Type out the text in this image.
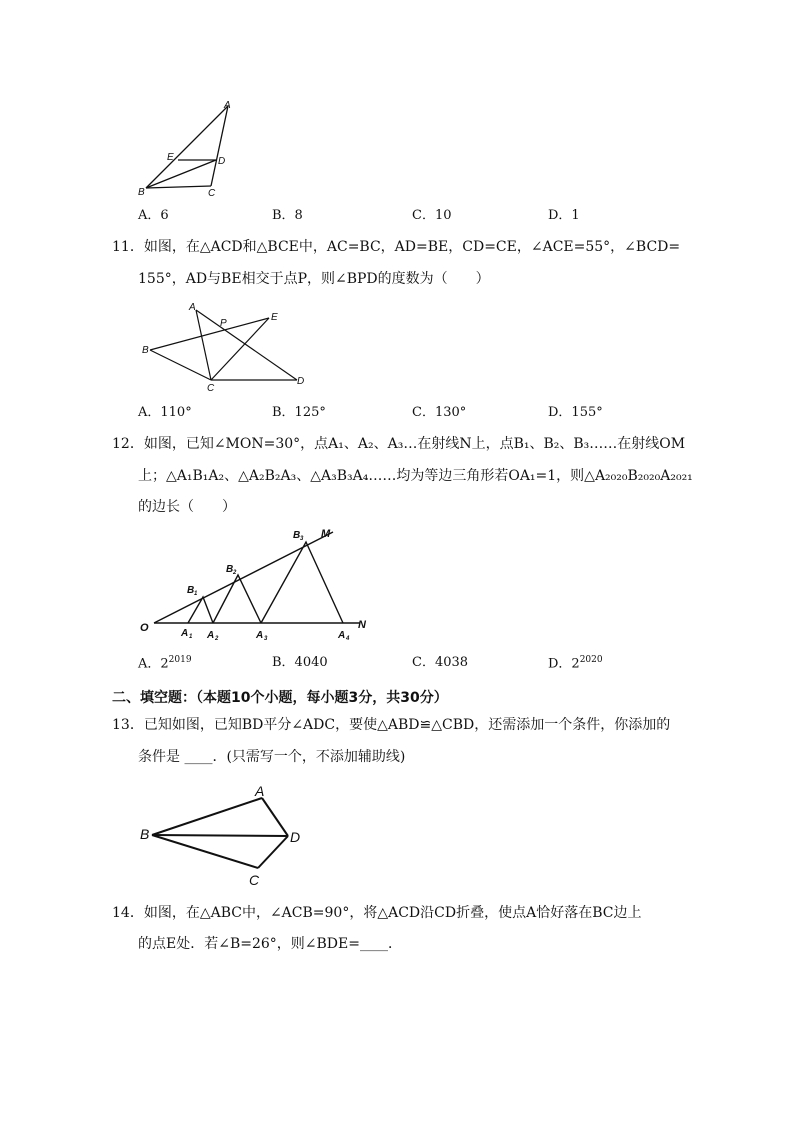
A
E	D
B	C
A．6	B．8	C．10	D．1
11．如图，在△ACD和△BCE中，AC=BC，AD=BE，CD=CE，∠ACE=55°，∠BCD=
155°，AD与BE相交于点P，则∠BPD的度数为（　　）
A
P
E
B
C
D
A．110°	B．125°	C．130°	D．155°
12．如图，已知∠MON=30°，点A₁、A₂、A₃…在射线N上，点B₁、B₂、B₃……在射线OM
上；△A₁B₁A₂、△A₂B₂A₃、△A₃B₃A₄……均为等边三角形若OA₁=1，则△A₂₀₂₀B₂₀₂₀A₂₀₂₁
的边长（　　）
O
M
N
A 1 A 2	A 3	A 4
B 1
B 2
B 3
A．$2^{2019}$	B．4040	C．4038	D．$2^{2020}$
二、填空题：（本题10个小题，每小题3分，共30分）
13．已知如图，已知BD平分∠ADC，要使△ABD≌△CBD，还需添加一个条件，你添加的
条件是 ____．(只需写一个，不添加辅助线)
A
B	D
C
14．如图，在△ABC中，∠ACB=90°，将△ACD沿CD折叠，使点A恰好落在BC边上
的点E处．若∠B=26°，则∠BDE=____．
